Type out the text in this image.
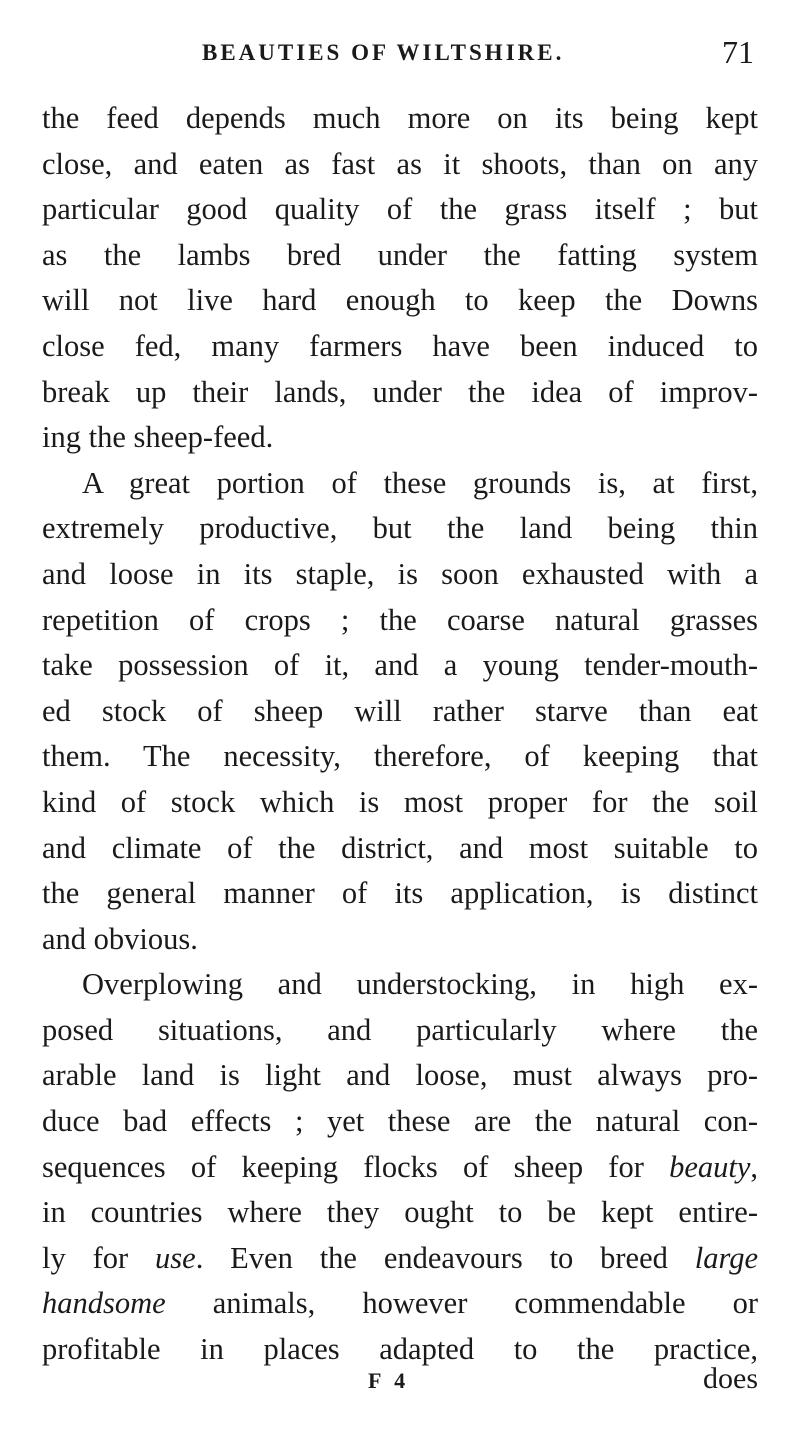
BEAUTIES OF WILTSHIRE.	71
the feed depends much more on its being kept
close, and eaten as fast as it shoots, than on any
particular good quality of the grass itself ; but
as the lambs bred under the fatting system
will not live hard enough to keep the Downs
close fed, many farmers have been induced to
break up their lands, under the idea of improv-
ing the sheep-feed.
A great portion of these grounds is, at first,
extremely productive, but the land being thin
and loose in its staple, is soon exhausted with a
repetition of crops ; the coarse natural grasses
take possession of it, and a young tender-mouth-
ed stock of sheep will rather starve than eat
them. The necessity, therefore, of keeping that
kind of stock which is most proper for the soil
and climate of the district, and most suitable to
the general manner of its application, is distinct
and obvious.
Overplowing and understocking, in high ex-
posed situations, and particularly where the
arable land is light and loose, must always pro-
duce bad effects ; yet these are the natural con-
sequences of keeping flocks of sheep for beauty,
in countries where they ought to be kept entire-
ly for use. Even the endeavours to breed large
handsome animals, however commendable or
profitable in places adapted to the practice,
F 4	does
